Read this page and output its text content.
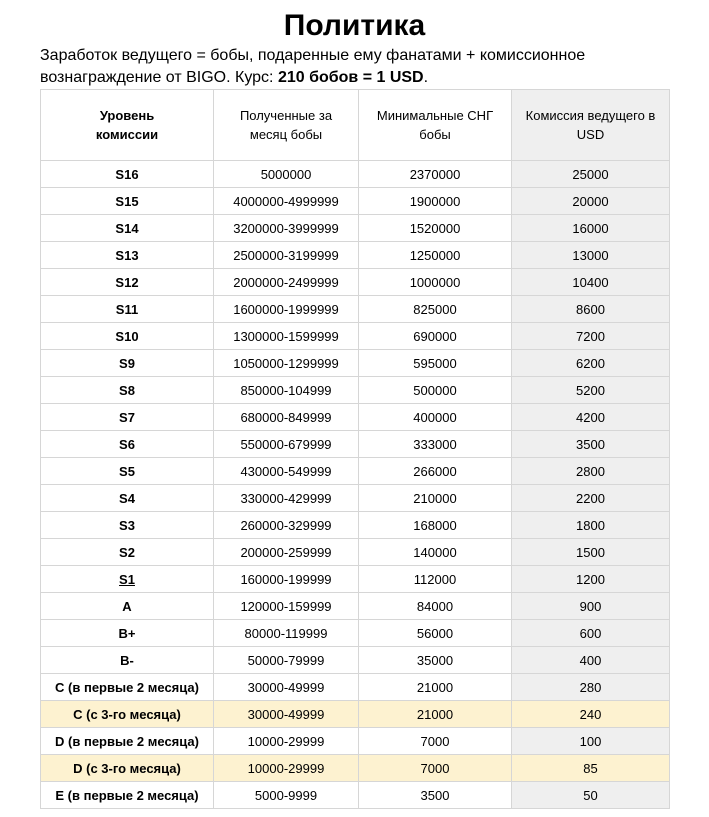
Политика
Заработок ведущего = бобы, подаренные ему фанатами + комиссионное
вознаграждение от BIGO. Курс: 210 бобов = 1 USD.
Уровень комиссии	Полученные за месяц бобы	Минимальные СНГ бобы	Комиссия ведущего в USD
S16	5000000	2370000	25000
S15	4000000-4999999	1900000	20000
S14	3200000-3999999	1520000	16000
S13	2500000-3199999	1250000	13000
S12	2000000-2499999	1000000	10400
S11	1600000-1999999	825000	8600
S10	1300000-1599999	690000	7200
S9	1050000-1299999	595000	6200
S8	850000-104999	500000	5200
S7	680000-849999	400000	4200
S6	550000-679999	333000	3500
S5	430000-549999	266000	2800
S4	330000-429999	210000	2200
S3	260000-329999	168000	1800
S2	200000-259999	140000	1500
S1	160000-199999	112000	1200
A	120000-159999	84000	900
B+	80000-119999	56000	600
B-	50000-79999	35000	400
C (в первые 2 месяца)	30000-49999	21000	280
C (с 3-го месяца)	30000-49999	21000	240
D (в первые 2 месяца)	10000-29999	7000	100
D (с 3-го месяца)	10000-29999	7000	85
E (в первые 2 месяца)	5000-9999	3500	50
